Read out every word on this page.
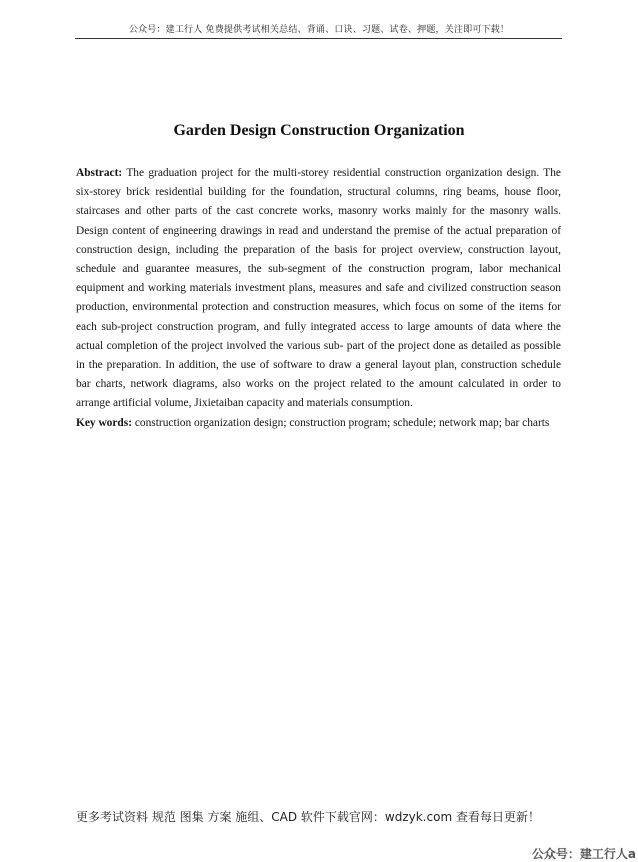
公众号：建工行人 免费提供考试相关总结、背诵、口诀、习题、试卷、押题，关注即可下载！
Garden Design Construction Organization

Abstract: The graduation project for the multi-storey residential construction organization design. The six-storey brick residential building for the foundation, structural columns, ring beams, house floor, staircases and other parts of the cast concrete works, masonry works mainly for the masonry walls. Design content of engineering drawings in read and understand the premise of the actual preparation of construction design, including the preparation of the basis for project overview, construction layout, schedule and guarantee measures, the sub-segment of the construction program, labor mechanical equipment and working materials investment plans, measures and safe and civilized construction season production, environmental protection and construction measures, which focus on some of the items for each sub-project construction program, and fully integrated access to large amounts of data where the actual completion of the project involved the various sub- part of the project done as detailed as possible in the preparation. In addition, the use of software to draw a general layout plan, construction schedule bar charts, network diagrams, also works on the project related to the amount calculated in order to arrange artificial volume, Jixietaiban capacity and materials consumption.

Key words: construction organization design; construction program; schedule; network map; bar charts

更多考试资料 规范 图集 方案 施组、CAD 软件下载官网：wdzyk.com 查看每日更新！
公众号：建工行人a
